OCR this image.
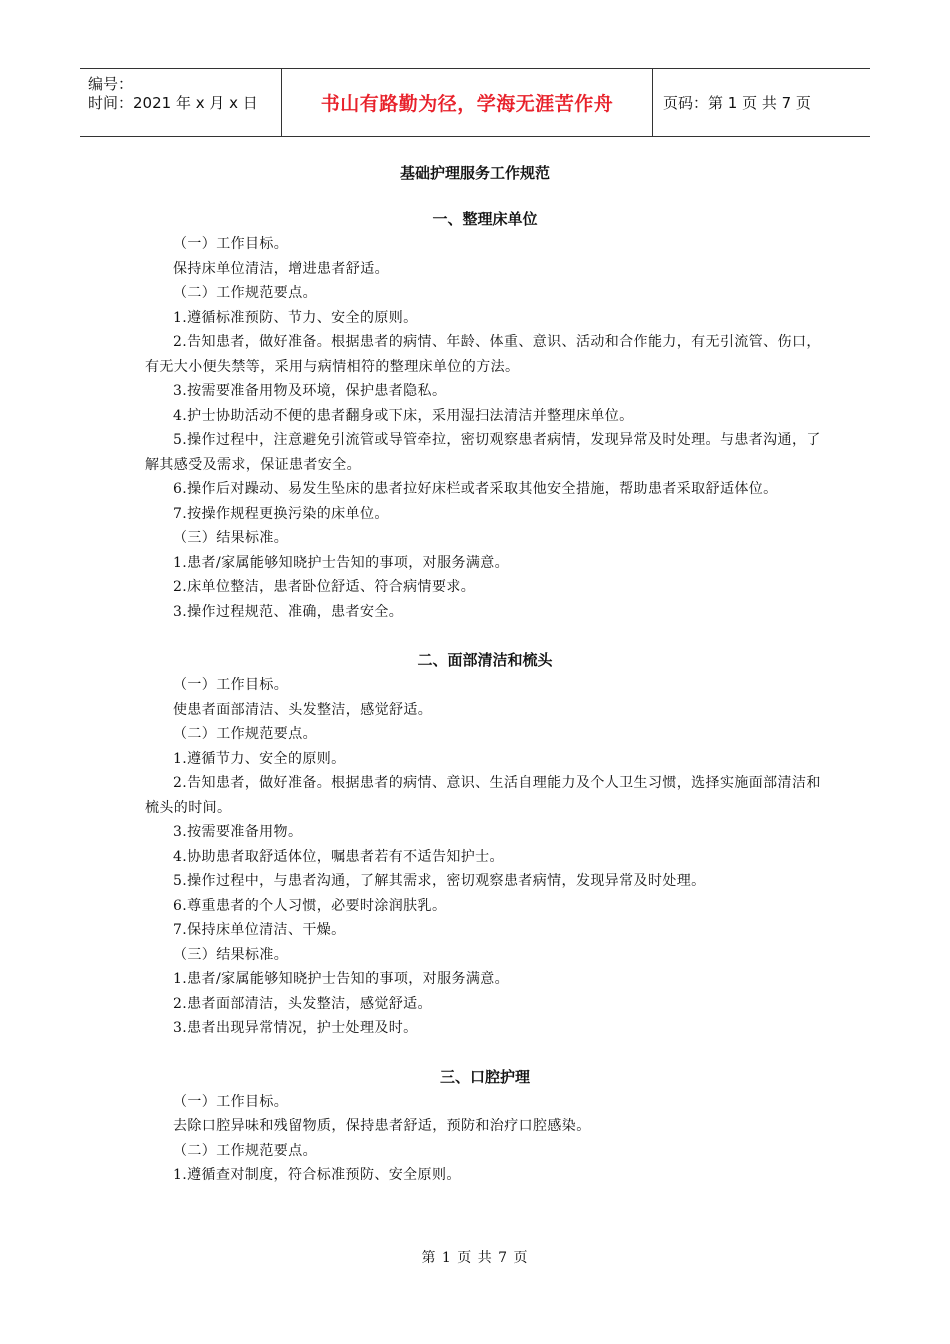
编号：
时间：2021 年 x 月 x 日	书山有路勤为径，学海无涯苦作舟	页码：第 1 页 共 7 页
基础护理服务工作规范
一、整理床单位
（一）工作目标。
保持床单位清洁，增进患者舒适。
（二）工作规范要点。
1.遵循标准预防、节力、安全的原则。
2.告知患者，做好准备。根据患者的病情、年龄、体重、意识、活动和合作能力，有无引流管、伤口，有无大小便失禁等，采用与病情相符的整理床单位的方法。
3.按需要准备用物及环境，保护患者隐私。
4.护士协助活动不便的患者翻身或下床，采用湿扫法清洁并整理床单位。
5.操作过程中，注意避免引流管或导管牵拉，密切观察患者病情，发现异常及时处理。与患者沟通，了解其感受及需求，保证患者安全。
6.操作后对躁动、易发生坠床的患者拉好床栏或者采取其他安全措施，帮助患者采取舒适体位。
7.按操作规程更换污染的床单位。
（三）结果标准。
1.患者/家属能够知晓护士告知的事项，对服务满意。
2.床单位整洁，患者卧位舒适、符合病情要求。
3.操作过程规范、准确，患者安全。
二、面部清洁和梳头
（一）工作目标。
使患者面部清洁、头发整洁，感觉舒适。
（二）工作规范要点。
1.遵循节力、安全的原则。
2.告知患者，做好准备。根据患者的病情、意识、生活自理能力及个人卫生习惯，选择实施面部清洁和梳头的时间。
3.按需要准备用物。
4.协助患者取舒适体位，嘱患者若有不适告知护士。
5.操作过程中，与患者沟通，了解其需求，密切观察患者病情，发现异常及时处理。
6.尊重患者的个人习惯，必要时涂润肤乳。
7.保持床单位清洁、干燥。
（三）结果标准。
1.患者/家属能够知晓护士告知的事项，对服务满意。
2.患者面部清洁，头发整洁，感觉舒适。
3.患者出现异常情况，护士处理及时。
三、口腔护理
（一）工作目标。
去除口腔异味和残留物质，保持患者舒适，预防和治疗口腔感染。
（二）工作规范要点。
1.遵循查对制度，符合标准预防、安全原则。
第 1 页 共 7 页
